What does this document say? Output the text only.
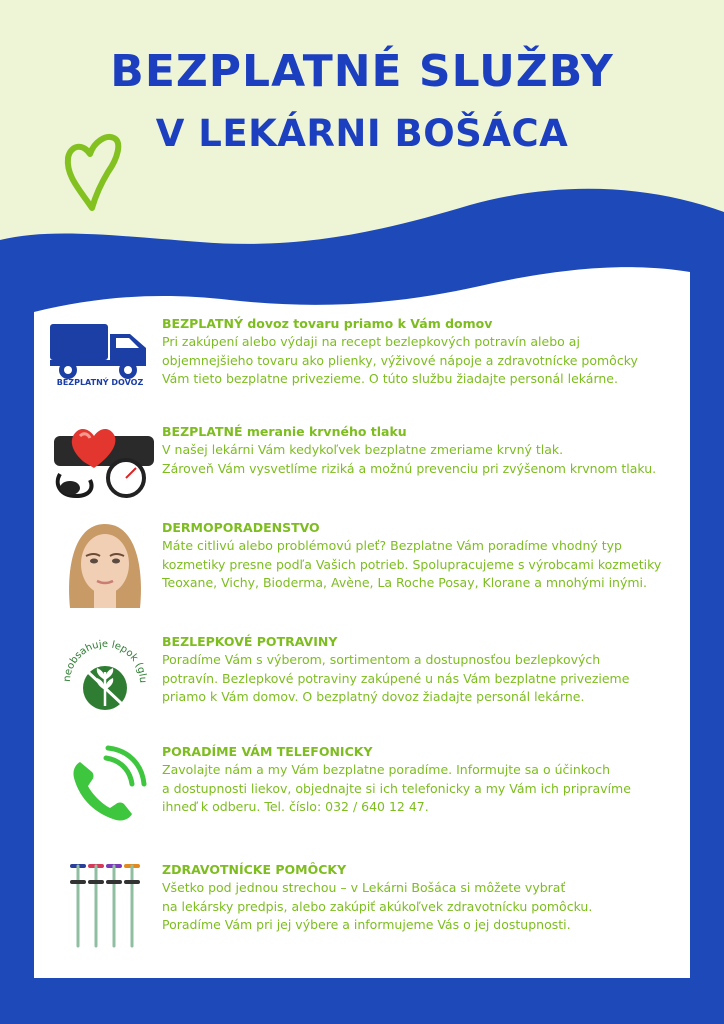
BEZPLATNÉ SLUŽBY
V LEKÁRNI BOŠÁCA
BEZPLATNÝ DOVOZ
BEZPLATNÝ dovoz tovaru priamo k Vám domov
Pri zakúpení alebo výdaji na recept bezlepkových potravín alebo aj
objemnejšieho tovaru ako plienky, výživové nápoje a zdravotnícke pomôcky
Vám tieto bezplatne privezieme. O túto službu žiadajte personál lekárne.
BEZPLATNÉ meranie krvného tlaku
V našej lekárni Vám kedykoľvek bezplatne zmeriame krvný tlak.
Zároveň Vám vysvetlíme riziká a možnú prevenciu pri zvýšenom krvnom tlaku.
DERMOPORADENSTVO
Máte citlivú alebo problémovú pleť? Bezplatne Vám poradíme vhodný typ
kozmetiky presne podľa Vašich potrieb. Spolupracujeme s výrobcami kozmetiky
Teoxane, Vichy, Bioderma, Avène, La Roche Posay, Klorane a mnohými inými.
neobsahuje lepok (glu
BEZLEPKOVÉ POTRAVINY
Poradíme Vám s výberom, sortimentom a dostupnosťou bezlepkových
potravín. Bezlepkové potraviny zakúpené u nás Vám bezplatne privezieme
priamo k Vám domov. O bezplatný dovoz žiadajte personál lekárne.
PORADÍME VÁM TELEFONICKY
Zavolajte nám a my Vám bezplatne poradíme. Informujte sa o účinkoch
a dostupnosti liekov, objednajte si ich telefonicky a my Vám ich pripravíme
ihneď k odberu. Tel. číslo: 032 / 640 12 47.
ZDRAVOTNÍCKE POMÔCKY
Všetko pod jednou strechou – v Lekárni Bošáca si môžete vybrať
na lekársky predpis, alebo zakúpiť akúkoľvek zdravotnícku pomôcku.
Poradíme Vám pri jej výbere a informujeme Vás o jej dostupnosti.
